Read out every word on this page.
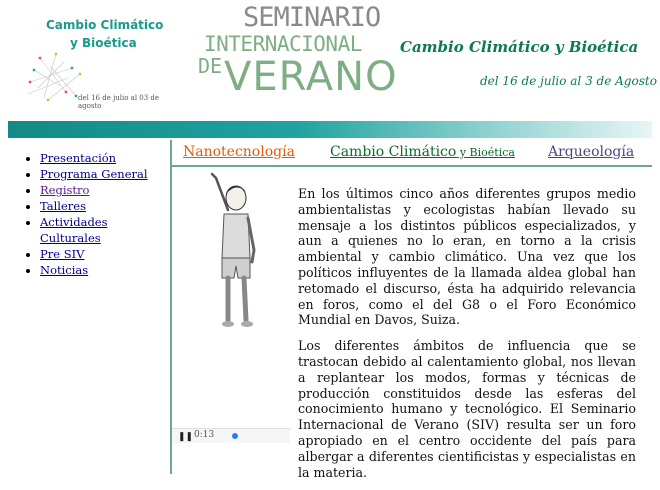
Cambio Climático
y Bioética
del 16 de julio al 03 de agosto
SEMINARIO
INTERNACIONAL
DE VERANO
Cambio Climático y Bioética
del 16 de julio al 3 de Agosto
• Presentación
• Programa General
• Registro
• Talleres
• Actividades Culturales
• Pre SIV
• Noticias
Nanotecnología	Cambio Climático y Bioética Arqueología
❚❚ 0:13

En los últimos cinco años diferentes grupos medio ambientalistas y ecologistas habían llevado su mensaje a los distintos públicos especializados, y aun a quienes no lo eran, en torno a la crisis ambiental y cambio climático. Una vez que los políticos influyentes de la llamada aldea global han retomado el discurso, ésta ha adquirido relevancia en foros, como el del G8 o el Foro Económico Mundial en Davos, Suiza.

Los diferentes ámbitos de influencia que se trastocan debido al calentamiento global, nos llevan a replantear los modos, formas y técnicas de producción constituidos desde las esferas del conocimiento humano y tecnológico. El Seminario Internacional de Verano (SIV) resulta ser un foro apropiado en el centro occidente del país para albergar a diferentes cientificistas y especialistas en la materia.
